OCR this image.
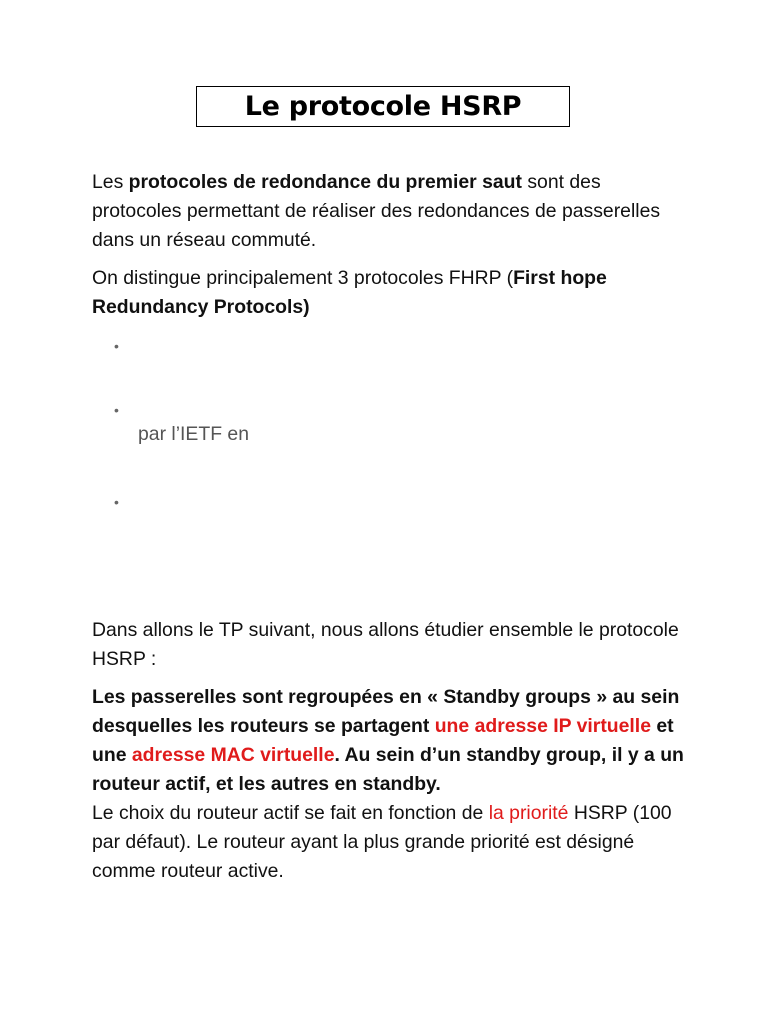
Le protocole HSRP

Les protocoles de redondance du premier saut sont des protocoles permettant de réaliser des redondances de passerelles dans un réseau commuté.

On distingue principalement 3 protocoles FHRP (First hope Redundancy Protocols)

•
•
par l’IETF en
•

Dans allons le TP suivant, nous allons étudier ensemble le protocole HSRP :

Les passerelles sont regroupées en « Standby groups » au sein desquelles les routeurs se partagent une adresse IP virtuelle et une adresse MAC virtuelle. Au sein d’un standby group, il y a un routeur actif, et les autres en standby.

Le choix du routeur actif se fait en fonction de la priorité HSRP (100 par défaut). Le routeur ayant la plus grande priorité est désigné comme routeur active.
